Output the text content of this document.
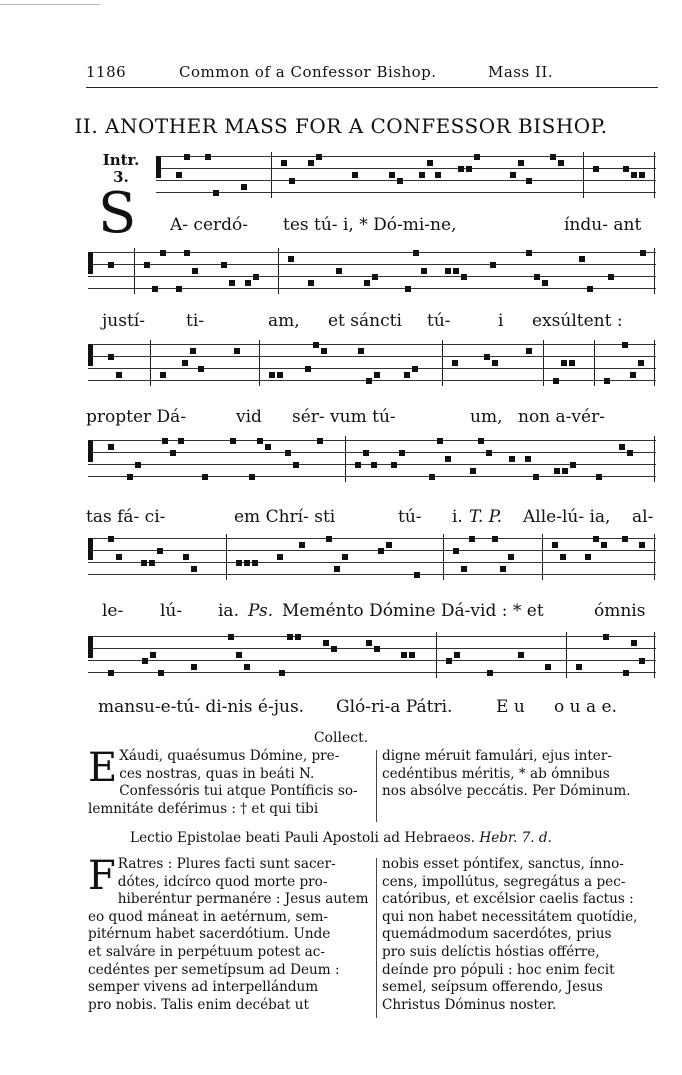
1186	Common of a Confessor Bishop.	Mass II.
II. ANOTHER MASS FOR A CONFESSOR BISHOP.
Intr.
3.
S A- cerdó- tes tú- i, * Dó-mi-ne,	índu- ant
justí- ti-	am, et sáncti tú-	i exsúltent :
propter Dá-	vid sér- vum tú-	um, non a-vér-
tas fá- ci-	em Chrí- sti	tú- i. T. P. Alle-lú- ia, al-
le- lú- ia. Ps. Meménto Dómine Dá-vid : * et	ómnis
mansu-e-tú- di-nis é-jus. Gló-ri-a Pátri.	E u o u a e.
Collect.
E Xáudi, quaésumus Dómine, pre-

ces nostras, quas in beáti N.

Confessóris tui atque Pontíficis so-

lemnitáte deférimus : † et qui tibi

digne méruit famulári, ejus inter-

cedéntibus méritis, * ab ómnibus

nos absólve peccátis. Per Dóminum.

Lectio Epistolae beati Pauli Apostoli ad Hebraeos. Hebr. 7. d.
F Ratres : Plures facti sunt sacer-

dótes, idcírco quod morte pro-

hiberéntur permanére : Jesus autem

eo quod máneat in aetérnum, sem-

pitérnum habet sacerdótium. Unde

et salváre in perpétuum potest ac-

cedéntes per semetípsum ad Deum :

semper vivens ad interpellándum

pro nobis. Talis enim decébat ut

nobis esset póntifex, sanctus, ínno-

cens, impollútus, segregátus a pec-

catóribus, et excélsior caelis factus :

qui non habet necessitátem quotídie,

quemádmodum sacerdótes, prius

pro suis delíctis hóstias offérre,

deínde pro pópuli : hoc enim fecit

semel, seípsum offerendo, Jesus

Christus Dóminus noster.
